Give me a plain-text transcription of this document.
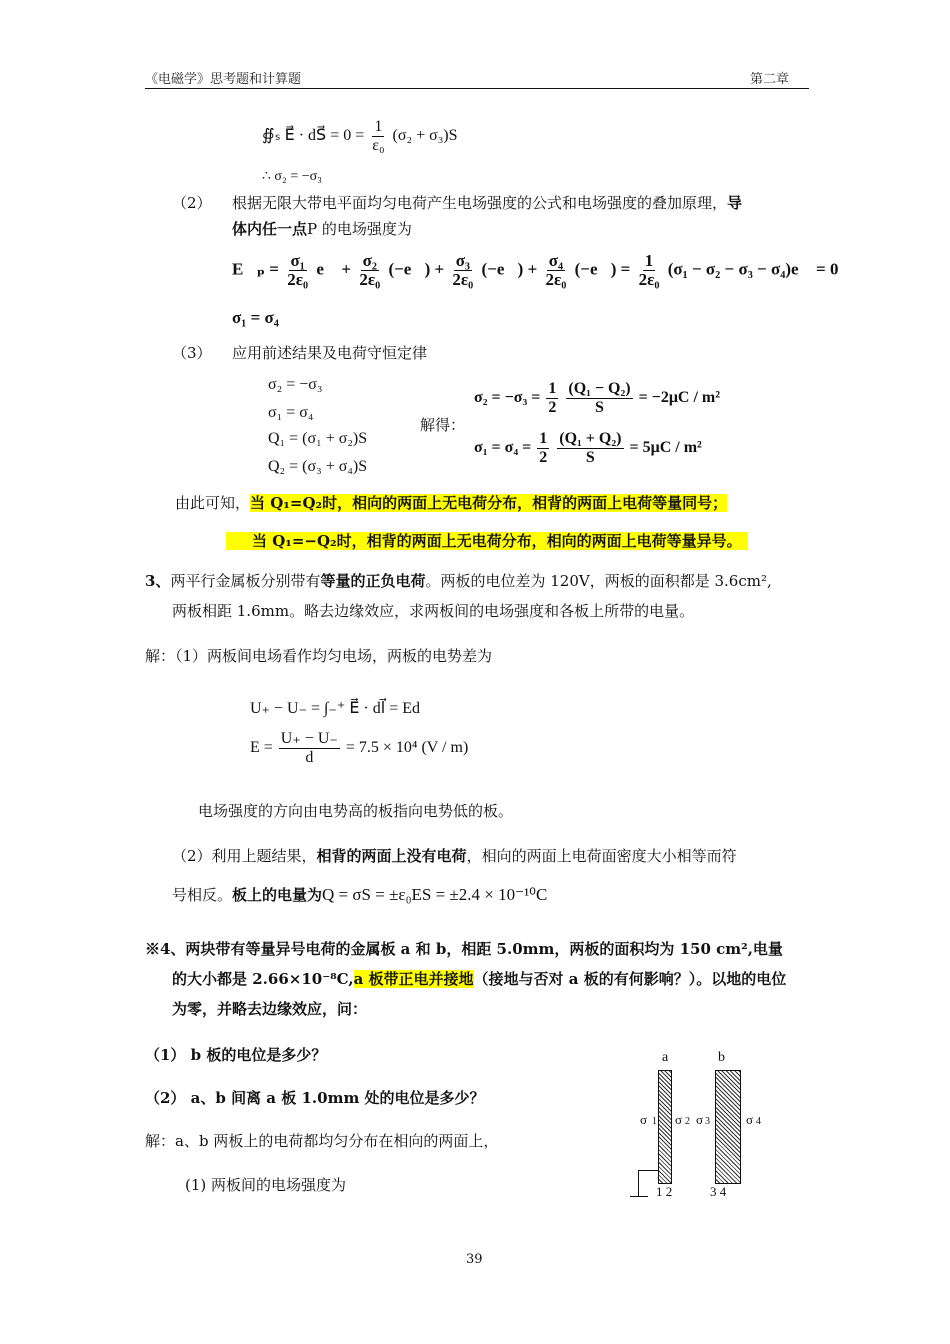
《电磁学》思考题和计算题	第二章
∯ₛ E⃗ · dS⃗ = $0 = \frac{1}{\text{ε₀}} (\sigma_2 + \sigma_3)S$
∴ σ₂ = −σ₃
（2） 根据无限大带电平面均匀电荷产生电场强度的公式和电场强度的叠加原理，导
体内任一点P 的电场强度为
E⃗ₚ = $\frac{\text{σ₁}}{\text{2ε₀}}$ e⃗ + $\frac{\text{σ₂}}{\text{2ε₀}}$ (−e⃗) + $\frac{\text{σ₃}}{\text{2ε₀}}$ (−e⃗) + $\frac{\text{σ₄}}{\text{2ε₀}}$ (−e⃗) = $\frac{1}{\text{2ε₀}} (\sigma_1 - \sigma_2 - \sigma_3$ − σ₄)e⃗ = 0
σ₁ = σ₄
（3） 应用前述结果及电荷守恒定律
σ₂ = −σ₃
σ₁ = σ₄
Q₁ = (σ₁ + σ₂)S
Q₂ = (σ₃ + σ₄)S
解得：
$\sigma_2 = -\sigma_3 = \frac{1}{2}$
$\frac{\text{(Q₁ − Q₂)}}{S} = -2\mu C / m^2$
$\sigma_1 = \sigma_4 = \frac{1}{2}$
$\frac{\text{(Q₁ + Q₂)}}{S} = 5\mu C / m^2$
由此可知，当 Q₁=Q₂时，相向的两面上无电荷分布，相背的两面上电荷等量同号；
当 Q₁=−Q₂时，相背的两面上无电荷分布，相向的两面上电荷等量异号。
3、两平行金属板分别带有等量的正负电荷。两板的电位差为 120V，两板的面积都是 3.6cm²,
两板相距 1.6mm。略去边缘效应，求两板间的电场强度和各板上所带的电量。
解：（1）两板间电场看作均匀电场，两板的电势差为
U₊ − U₋ = ∫₋⁺ E⃗ · dl⃗ = Ed
$E = \frac{U_+ - U_-}{d} = 7.5 \times 10^4$ (V / m)
电场强度的方向由电势高的板指向电势低的板。
（2）利用上题结果，相背的两面上没有电荷，相向的两面上电荷面密度大小相等而符
号相反。板上的电量为Q = σS = ±ε₀ES = ±2.4 × 10⁻¹⁰C
※4、两块带有等量异号电荷的金属板 a 和 b，相距 5.0mm，两板的面积均为 150 cm²,电量
的大小都是 2.66×10⁻⁸C,a 板带正电并接地（接地与否对 a 板的有何影响？）。以地的电位
为零，并略去边缘效应，问：
（1） b 板的电位是多少？
（2） a、b 间离 a 板 1.0mm 处的电位是多少？
解：a、b 两板上的电荷都均匀分布在相向的两面上，
(1) 两板间的电场强度为
a	b
σ 1 σ 2 σ 3	σ 4
1 2	3 4
39
